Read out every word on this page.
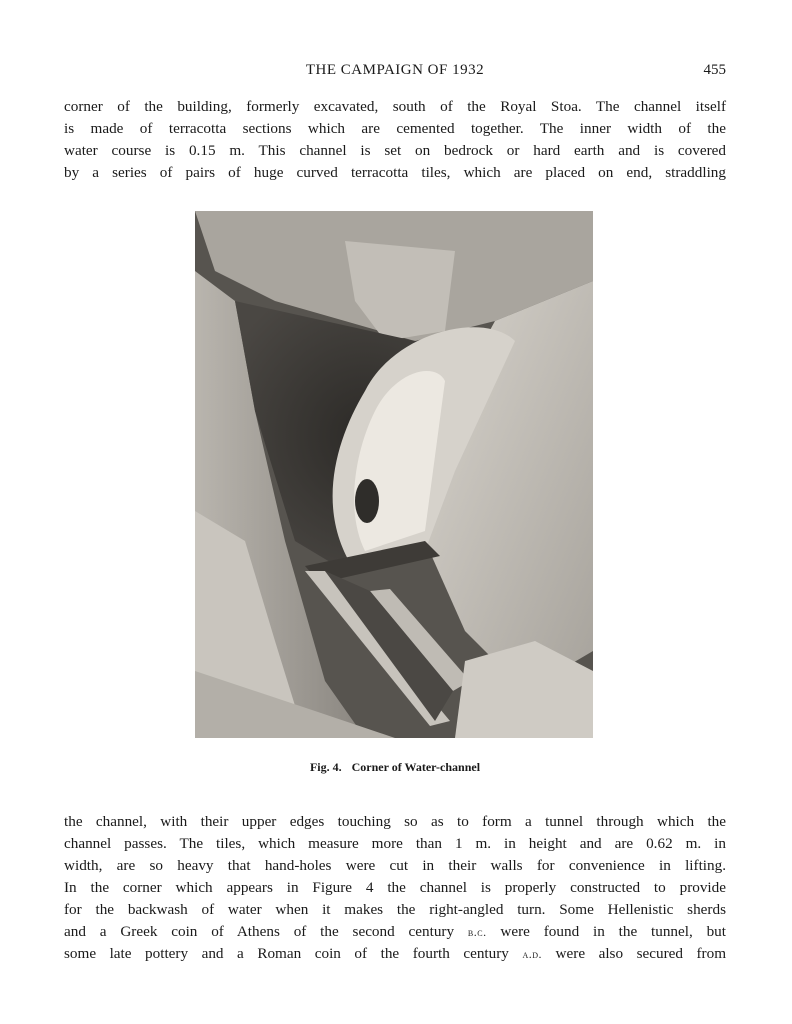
THE CAMPAIGN OF 1932	455
corner of the building, formerly excavated, south of the Royal Stoa. The channel itself
is made of terracotta sections which are cemented together. The inner width of the
water course is 0.15 m. This channel is set on bedrock or hard earth and is covered
by a series of pairs of huge curved terracotta tiles, which are placed on end, straddling
Fig. 4. Corner of Water-channel
the channel, with their upper edges touching so as to form a tunnel through which the
channel passes. The tiles, which measure more than 1 m. in height and are 0.62 m. in
width, are so heavy that hand-holes were cut in their walls for convenience in lifting.
In the corner which appears in Figure 4 the channel is properly constructed to provide
for the backwash of water when it makes the right-angled turn. Some Hellenistic sherds
and a Greek coin of Athens of the second century b.c. were found in the tunnel, but
some late pottery and a Roman coin of the fourth century a.d. were also secured from
